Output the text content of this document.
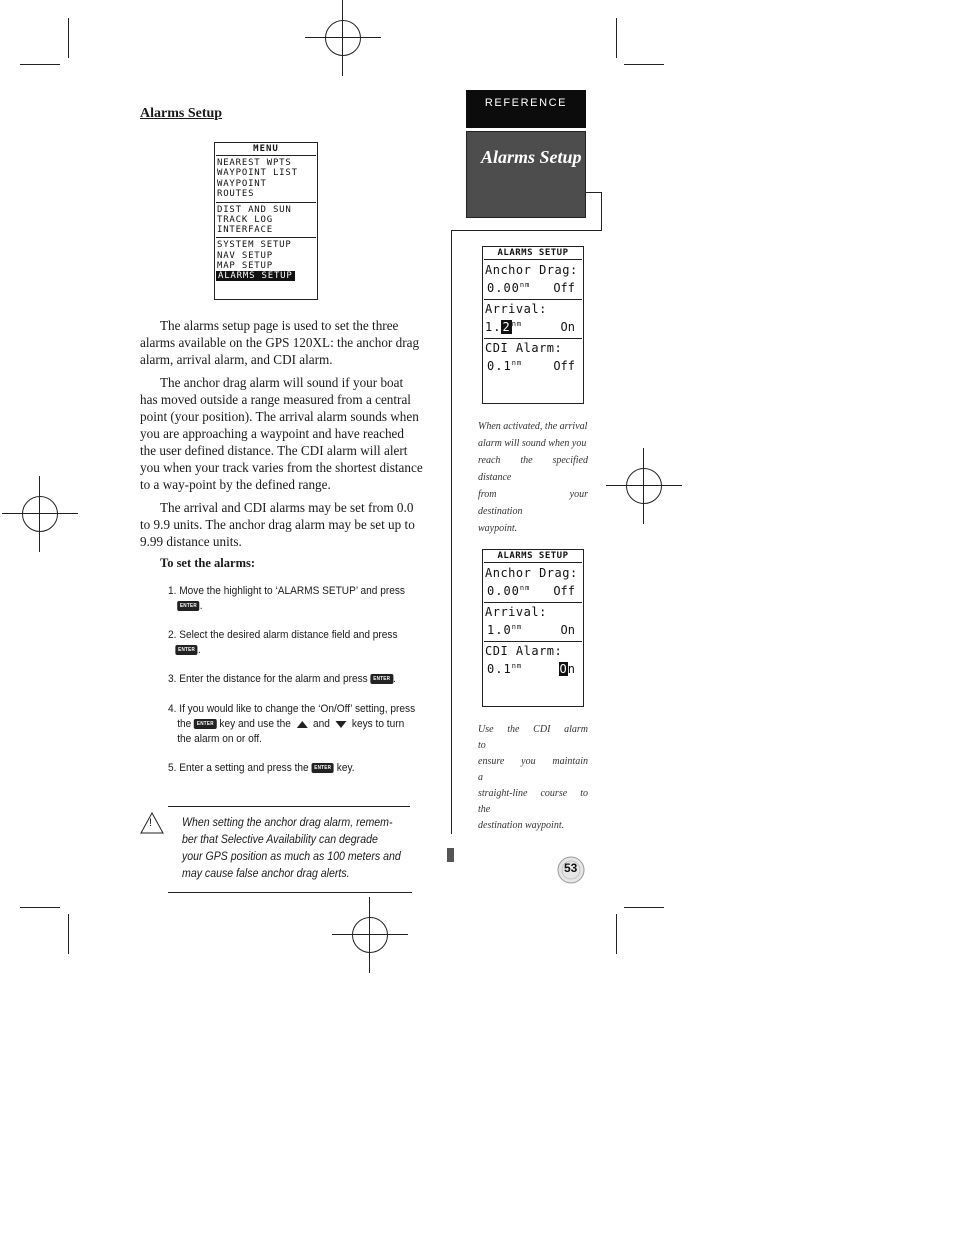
Alarms Setup
MENU
NEAREST WPTS
WAYPOINT LIST
WAYPOINT
ROUTES
DIST AND SUN
TRACK LOG
INTERFACE
SYSTEM SETUP
NAV SETUP
MAP SETUP
ALARMS SETUP

The alarms setup page is used to set the three alarms available on the GPS 120XL: the anchor drag alarm, arrival alarm, and CDI alarm.

The anchor drag alarm will sound if your boat has moved outside a range measured from a central point (your position). The arrival alarm sounds when you are approaching a waypoint and have reached the user defined distance. The CDI alarm will alert you when your track varies from the shortest distance to a way-point by the defined range.

The arrival and CDI alarms may be set from 0.0 to 9.9 units. The anchor drag alarm may be set up to 9.99 distance units.

To set the alarms:
1. Move the highlight to ‘ALARMS SETUP’ and press
ENTER .
2. Select the desired alarm distance field and press
ENTER .
3. Enter the distance for the alarm and press ENTER .
4. If you would like to change the ‘On/Off’ setting, press
the ENTER key and use the and keys to turn
the alarm on or off.
5. Enter a setting and press the ENTER key.
!	When setting the anchor drag alarm, remem-
ber that Selective Availability can degrade
your GPS position as much as 100 meters and
may cause false anchor drag alerts.
REFERENCE
Alarms Setup
ALARMS SETUP
Anchor Drag:
$0.00^{nm}$ Off
Arrival:
$1.2^{nm}$	On
CDI Alarm:
$0.1^{nm}$	Off
When activated, the arrival
alarm will sound when you
reach the specified distance
from your destination
waypoint.
ALARMS SETUP
Anchor Drag:
$0.00^{nm}$ Off
Arrival:
$1.0^{nm}$	On
CDI Alarm:
$0.1^{nm}$	On
Use the CDI alarm to
ensure you maintain a
straight-line course to the
destination waypoint.
53
